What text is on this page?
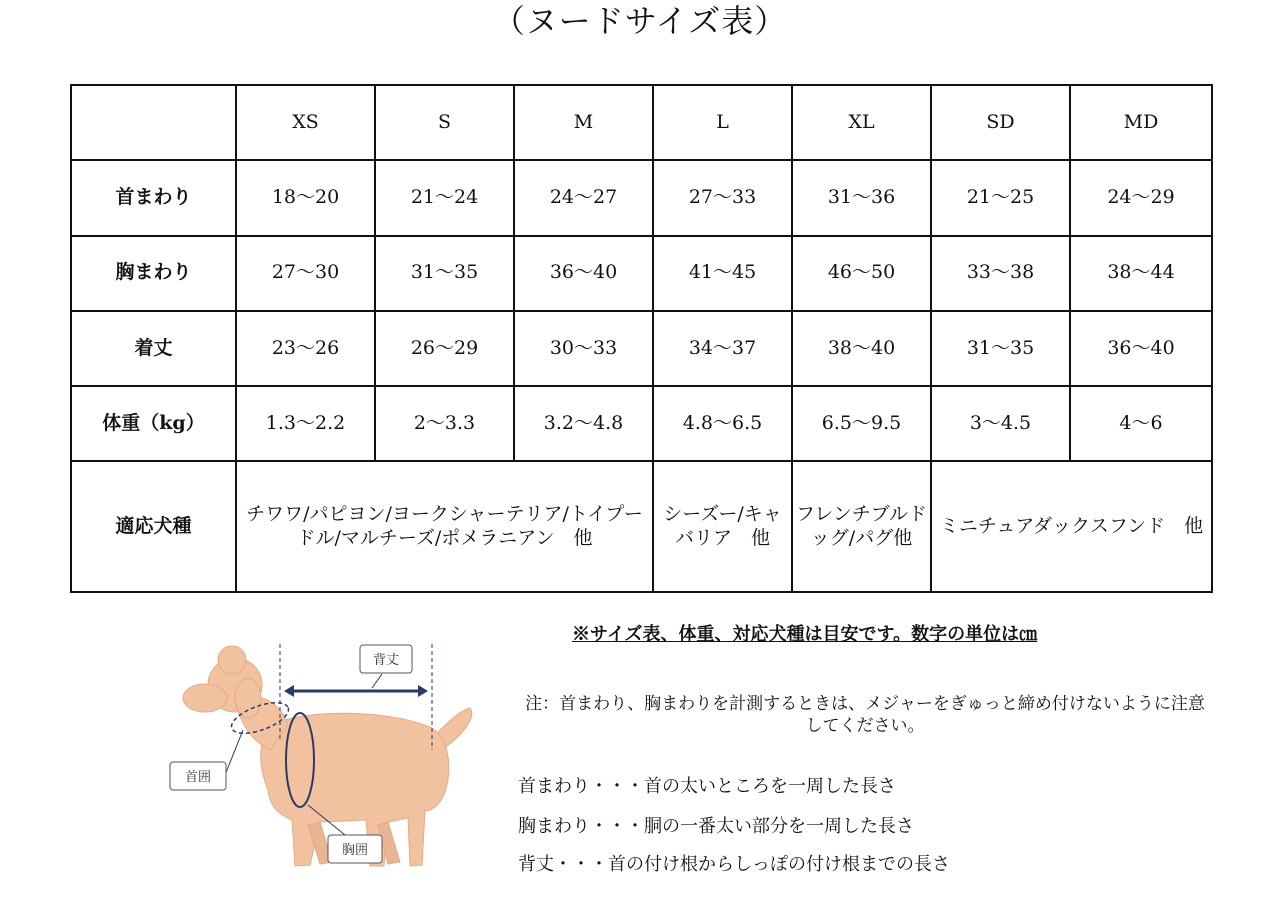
（ヌードサイズ表）
	XS	S	M	L	XL	SD	MD
首まわり	18～20	21～24	24～27	27～33	31～36	21～25	24～29
胸まわり	27～30	31～35	36～40	41～45	46～50	33～38	38～44
着丈	23～26	26～29	30～33	34～37	38～40	31～35	36～40
体重（kg）	1.3～2.2	2～3.3	3.2～4.8	4.8～6.5	6.5～9.5	3～4.5	4～6
適応犬種	チワワ/パピヨン/ヨークシャーテリア/トイプードル/マルチーズ/ポメラニアン　他			シーズー/キャバリア　他	フレンチブルドッグ/パグ他	ミニチュアダックスフンド　他	
※サイズ表、体重、対応犬種は目安です。数字の単位は㎝
注：首まわり、胸まわりを計測するときは、メジャーをぎゅっと締め付けないように注意してください。
首まわり・・・首の太いところを一周した長さ
胸まわり・・・胴の一番太い部分を一周した長さ
背丈・・・首の付け根からしっぽの付け根までの長さ
背丈
首囲
胸囲
